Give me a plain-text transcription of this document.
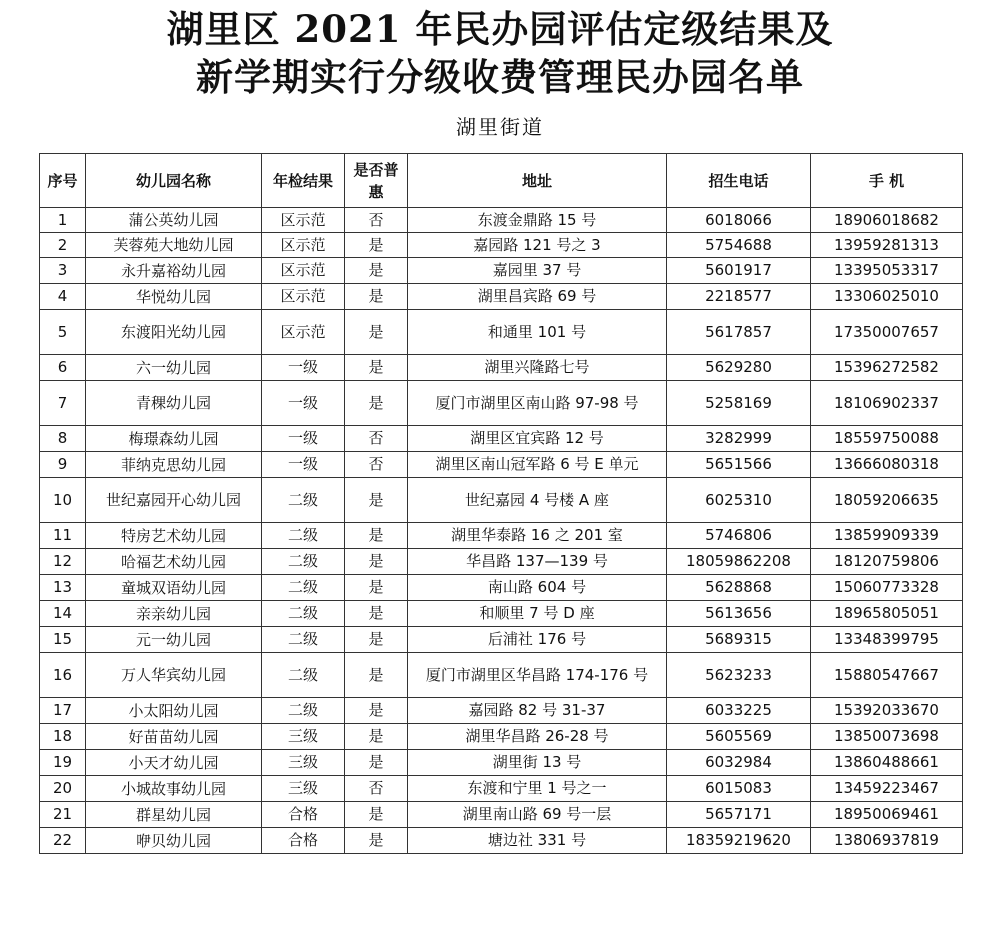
湖里区 2021 年民办园评估定级结果及
新学期实行分级收费管理民办园名单
湖里街道
序号	幼儿园名称	年检结果	是否普惠	地址	招生电话	手 机
1	蒲公英幼儿园	区示范	否	东渡金鼎路 15 号	6018066	18906018682
2	芙蓉苑大地幼儿园	区示范	是	嘉园路 121 号之 3	5754688	13959281313
3	永升嘉裕幼儿园	区示范	是	嘉园里 37 号	5601917	13395053317
4	华悦幼儿园	区示范	是	湖里昌宾路 69 号	2218577	13306025010
5	东渡阳光幼儿园	区示范	是	和通里 101 号	5617857	17350007657
6	六一幼儿园	一级	是	湖里兴隆路七号	5629280	15396272582
7	青稞幼儿园	一级	是	厦门市湖里区南山路 97-98 号	5258169	18106902337
8	梅璟森幼儿园	一级	否	湖里区宜宾路 12 号	3282999	18559750088
9	菲纳克思幼儿园	一级	否	湖里区南山冠军路 6 号 E 单元	5651566	13666080318
10	世纪嘉园开心幼儿园	二级	是	世纪嘉园 4 号楼 A 座	6025310	18059206635
11	特房艺术幼儿园	二级	是	湖里华泰路 16 之 201 室	5746806	13859909339
12	哈福艺术幼儿园	二级	是	华昌路 137—139 号	18059862208	18120759806
13	童城双语幼儿园	二级	是	南山路 604 号	5628868	15060773328
14	亲亲幼儿园	二级	是	和顺里 7 号 D 座	5613656	18965805051
15	元一幼儿园	二级	是	后浦社 176 号	5689315	13348399795
16	万人华宾幼儿园	二级	是	厦门市湖里区华昌路 174-176 号	5623233	15880547667
17	小太阳幼儿园	二级	是	嘉园路 82 号 31-37	6033225	15392033670
18	好苗苗幼儿园	三级	是	湖里华昌路 26-28 号	5605569	13850073698
19	小天才幼儿园	三级	是	湖里街 13 号	6032984	13860488661
20	小城故事幼儿园	三级	否	东渡和宁里 1 号之一	6015083	13459223467
21	群星幼儿园	合格	是	湖里南山路 69 号一层	5657171	18950069461
22	咿贝幼儿园	合格	是	塘边社 331 号	18359219620	13806937819
